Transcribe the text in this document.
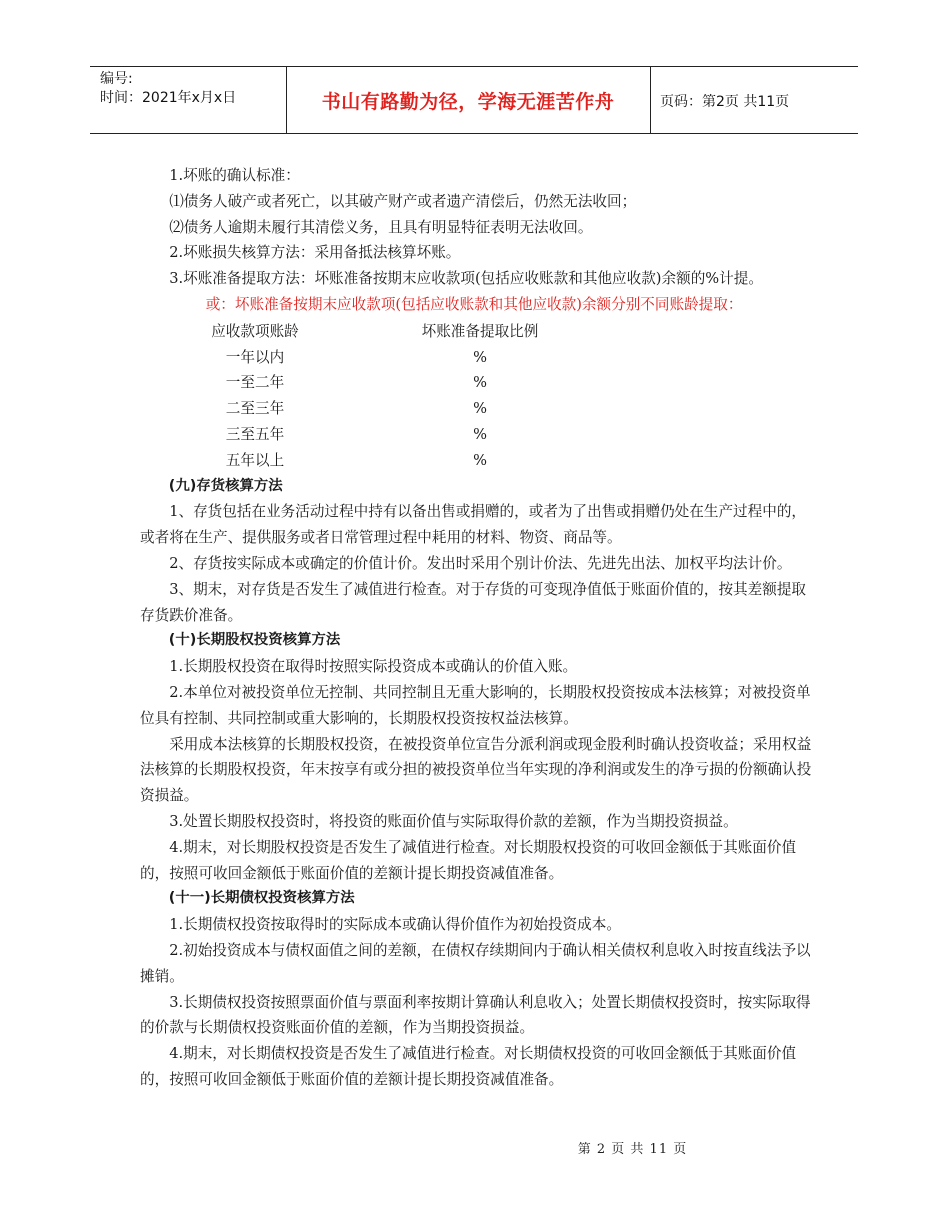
编号:
时间：2021年x月x日	书山有路勤为径，学海无涯苦作舟	页码：第2页 共11页

1.坏账的确认标准：

⑴债务人破产或者死亡，以其破产财产或者遗产清偿后，仍然无法收回；

⑵债务人逾期未履行其清偿义务，且具有明显特征表明无法收回。

2.坏账损失核算方法：采用备抵法核算坏账。

3.坏账准备提取方法：坏账准备按期末应收款项(包括应收账款和其他应收款)余额的%计提。

或：坏账准备按期末应收款项(包括应收账款和其他应收款)余额分别不同账龄提取：

应收款项账龄	坏账准备提取比例
一年以内	%
一至二年	%
二至三年	%
三至五年	%
五年以上	%

(九)存货核算方法

1、存货包括在业务活动过程中持有以备出售或捐赠的，或者为了出售或捐赠仍处在生产过程中的，或者将在生产、提供服务或者日常管理过程中耗用的材料、物资、商品等。

2、存货按实际成本或确定的价值计价。发出时采用个别计价法、先进先出法、加权平均法计价。

3、期末，对存货是否发生了减值进行检查。对于存货的可变现净值低于账面价值的，按其差额提取存货跌价准备。

(十)长期股权投资核算方法

1.长期股权投资在取得时按照实际投资成本或确认的价值入账。

2.本单位对被投资单位无控制、共同控制且无重大影响的，长期股权投资按成本法核算；对被投资单位具有控制、共同控制或重大影响的，长期股权投资按权益法核算。

采用成本法核算的长期股权投资，在被投资单位宣告分派利润或现金股利时确认投资收益；采用权益法核算的长期股权投资，年末按享有或分担的被投资单位当年实现的净利润或发生的净亏损的份额确认投资损益。

3.处置长期股权投资时，将投资的账面价值与实际取得价款的差额，作为当期投资损益。

4.期末，对长期股权投资是否发生了减值进行检查。对长期股权投资的可收回金额低于其账面价值的，按照可收回金额低于账面价值的差额计提长期投资减值准备。

(十一)长期债权投资核算方法

1.长期债权投资按取得时的实际成本或确认得价值作为初始投资成本。

2.初始投资成本与债权面值之间的差额，在债权存续期间内于确认相关债权利息收入时按直线法予以摊销。

3.长期债权投资按照票面价值与票面利率按期计算确认利息收入；处置长期债权投资时，按实际取得的价款与长期债权投资账面价值的差额，作为当期投资损益。

4.期末，对长期债权投资是否发生了减值进行检查。对长期债权投资的可收回金额低于其账面价值的，按照可收回金额低于账面价值的差额计提长期投资减值准备。

第 2 页 共 11 页
